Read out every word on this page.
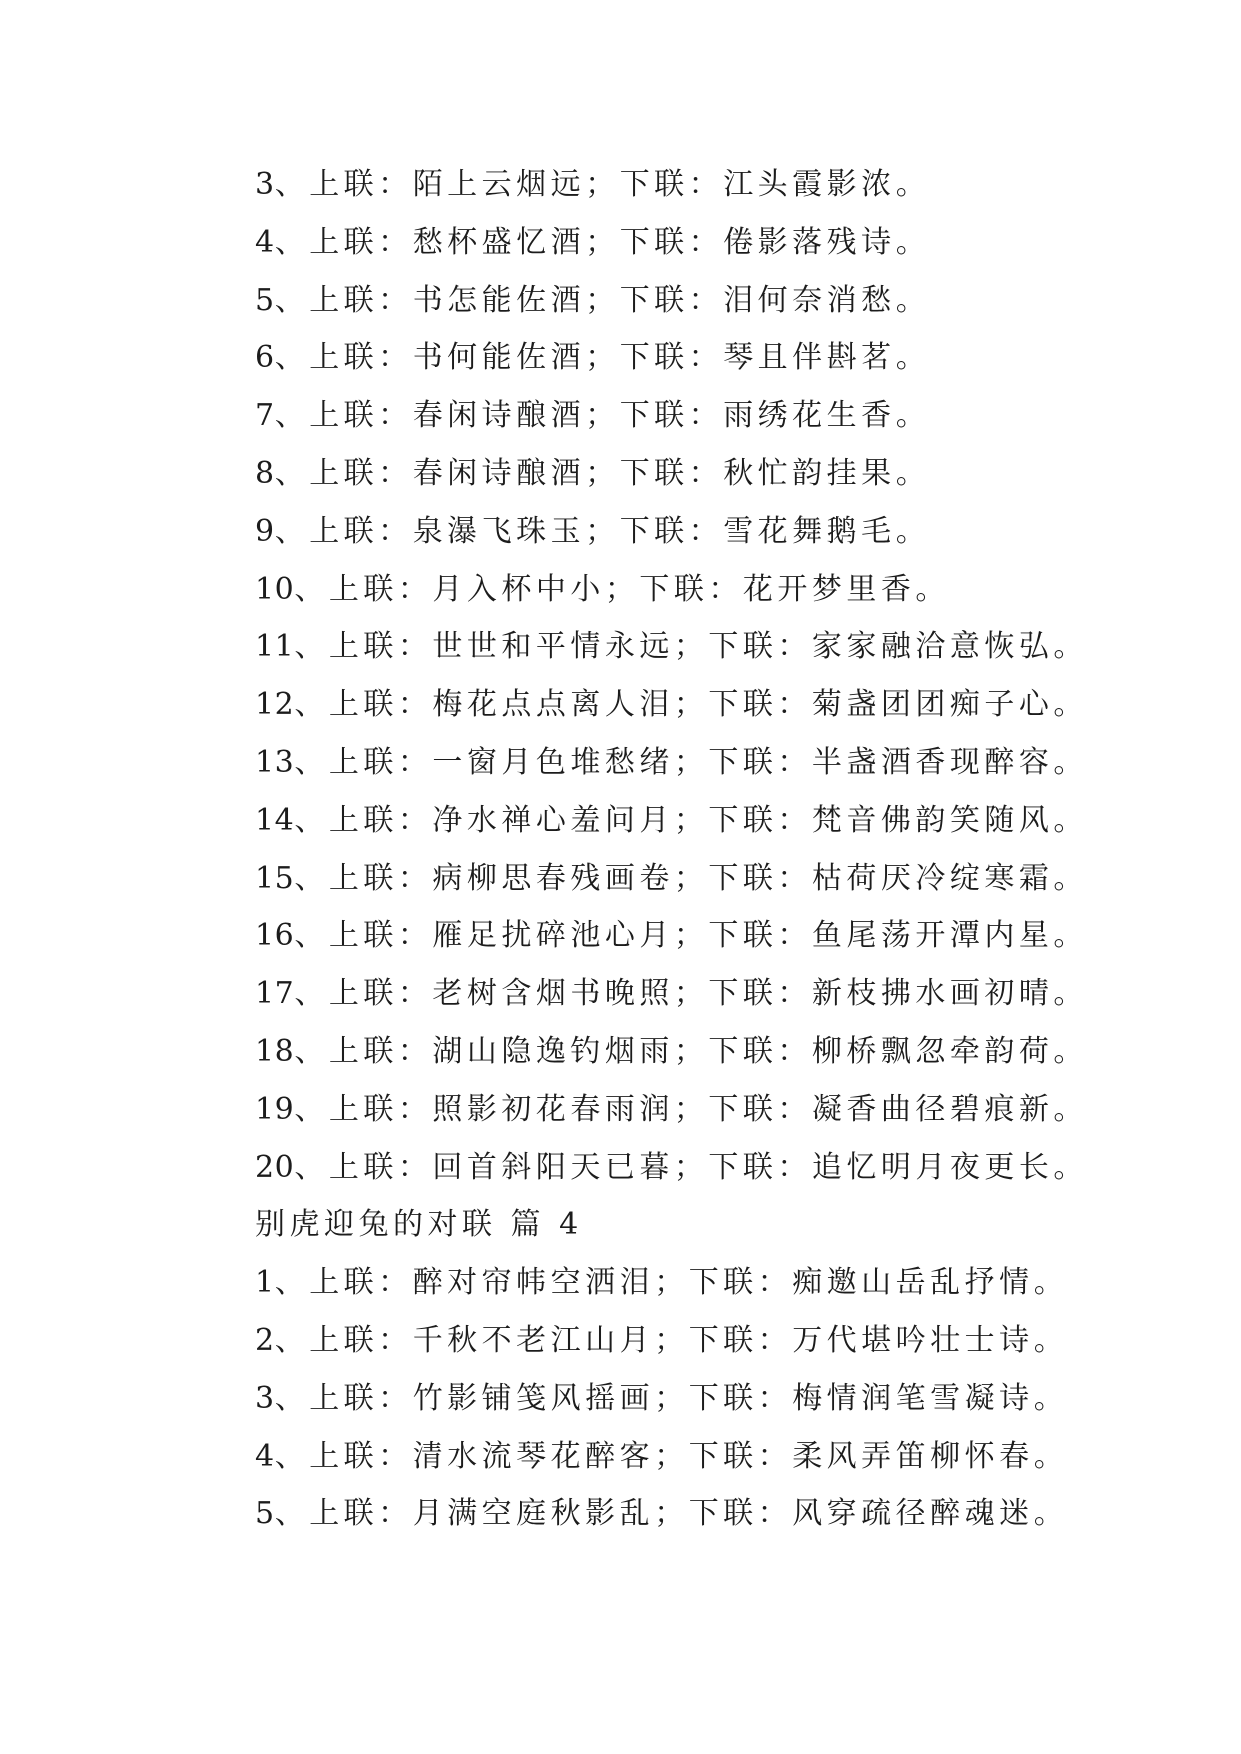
3、上联：陌上云烟远；下联：江头霞影浓。
4、上联：愁杯盛忆酒；下联：倦影落残诗。
5、上联：书怎能佐酒；下联：泪何奈消愁。
6、上联：书何能佐酒；下联：琴且伴斟茗。
7、上联：春闲诗酿酒；下联：雨绣花生香。
8、上联：春闲诗酿酒；下联：秋忙韵挂果。
9、上联：泉瀑飞珠玉；下联：雪花舞鹅毛。
10、上联：月入杯中小；下联：花开梦里香。
11、上联：世世和平情永远；下联：家家融洽意恢弘。
12、上联：梅花点点离人泪；下联：菊盏团团痴子心。
13、上联：一窗月色堆愁绪；下联：半盏酒香现醉容。
14、上联：净水禅心羞问月；下联：梵音佛韵笑随风。
15、上联：病柳思春残画卷；下联：枯荷厌冷绽寒霜。
16、上联：雁足扰碎池心月；下联：鱼尾荡开潭内星。
17、上联：老树含烟书晚照；下联：新枝拂水画初晴。
18、上联：湖山隐逸钓烟雨；下联：柳桥飘忽牵韵荷。
19、上联：照影初花春雨润；下联：凝香曲径碧痕新。
20、上联：回首斜阳天已暮；下联：追忆明月夜更长。
别虎迎兔的对联 篇 4
1、上联：醉对帘帏空洒泪；下联：痴邀山岳乱抒情。
2、上联：千秋不老江山月；下联：万代堪吟壮士诗。
3、上联：竹影铺笺风摇画；下联：梅情润笔雪凝诗。
4、上联：清水流琴花醉客；下联：柔风弄笛柳怀春。
5、上联：月满空庭秋影乱；下联：风穿疏径醉魂迷。
